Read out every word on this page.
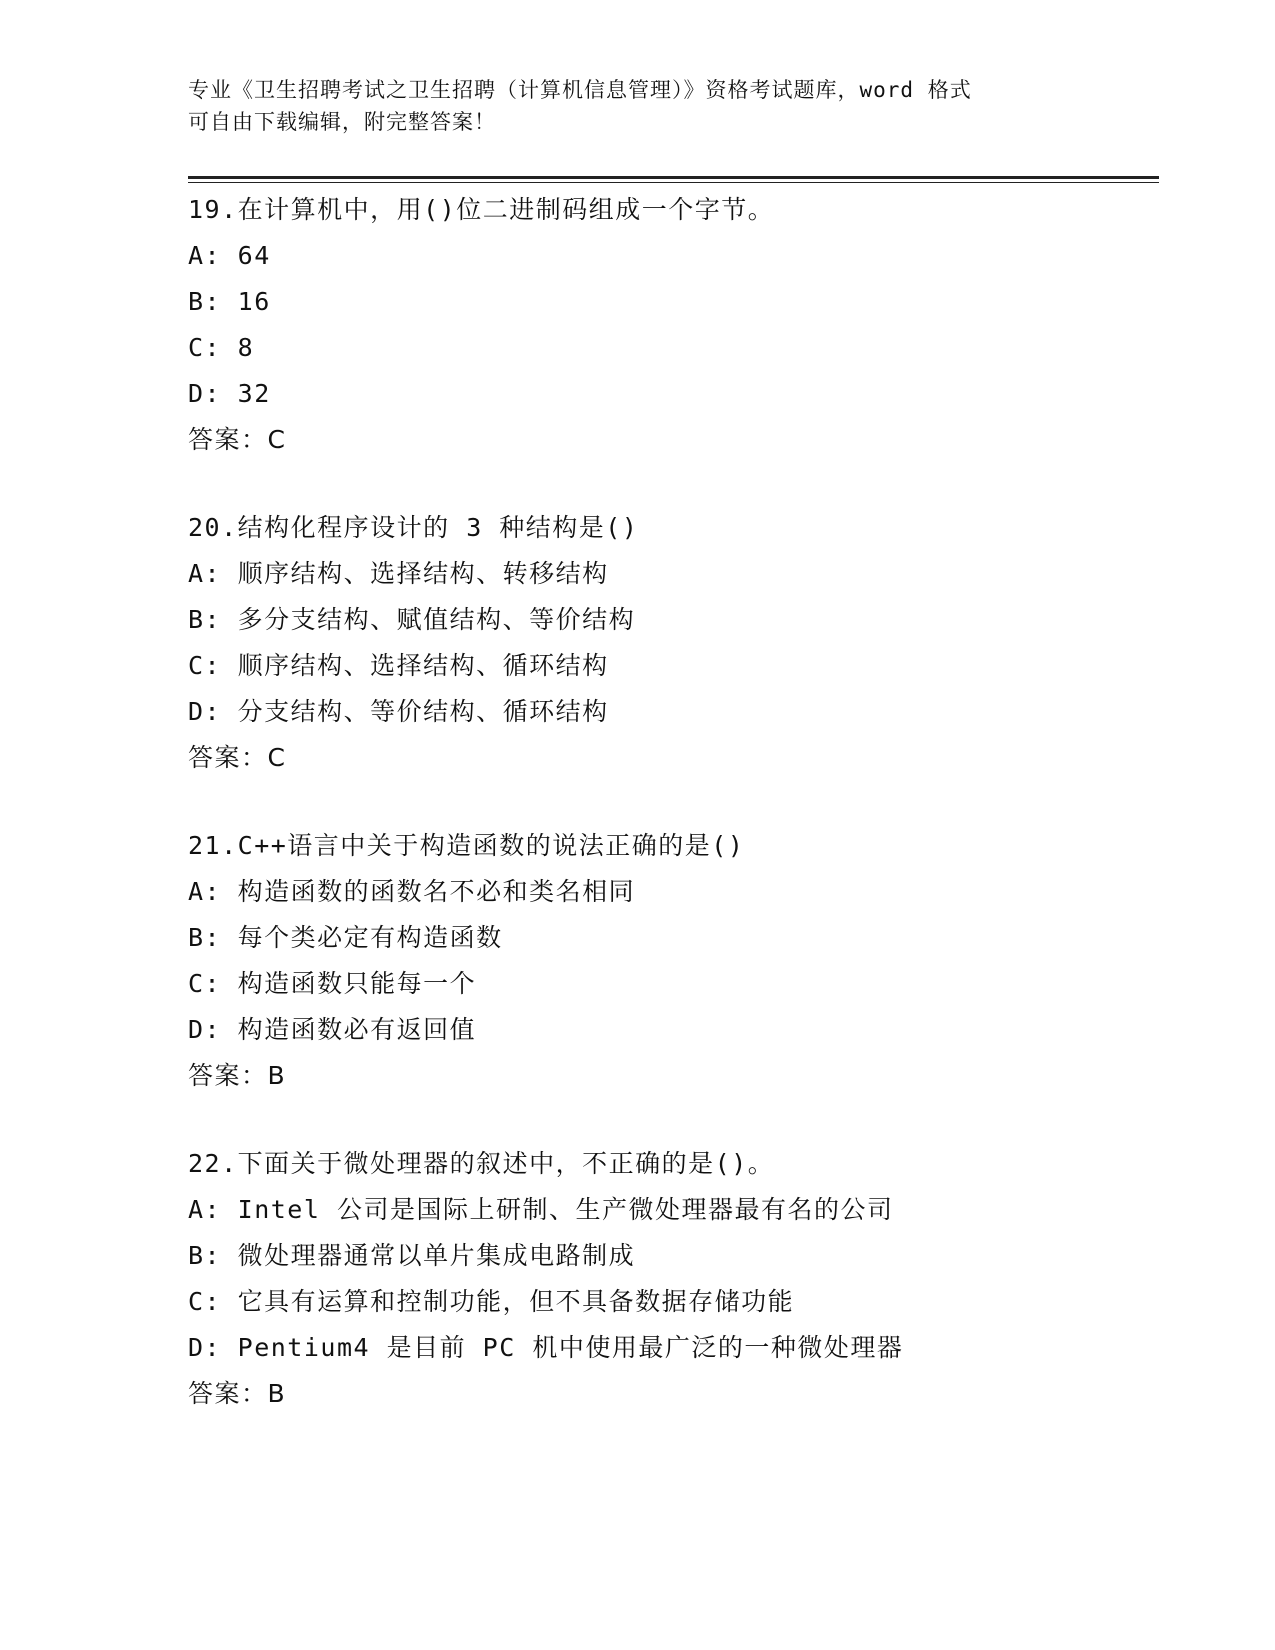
专业《卫生招聘考试之卫生招聘（计算机信息管理）》资格考试题库，word 格式
可自由下载编辑，附完整答案！
19.在计算机中，用()位二进制码组成一个字节。
A: 64
B: 16
C: 8
D: 32
答案：C
20.结构化程序设计的 3 种结构是()
A: 顺序结构、选择结构、转移结构
B: 多分支结构、赋值结构、等价结构
C: 顺序结构、选择结构、循环结构
D: 分支结构、等价结构、循环结构
答案：C
21.C++语言中关于构造函数的说法正确的是()
A: 构造函数的函数名不必和类名相同
B: 每个类必定有构造函数
C: 构造函数只能每一个
D: 构造函数必有返回值
答案：B
22.下面关于微处理器的叙述中，不正确的是()。
A: Intel 公司是国际上研制、生产微处理器最有名的公司
B: 微处理器通常以单片集成电路制成
C: 它具有运算和控制功能，但不具备数据存储功能
D: Pentium4 是目前 PC 机中使用最广泛的一种微处理器
答案：B
